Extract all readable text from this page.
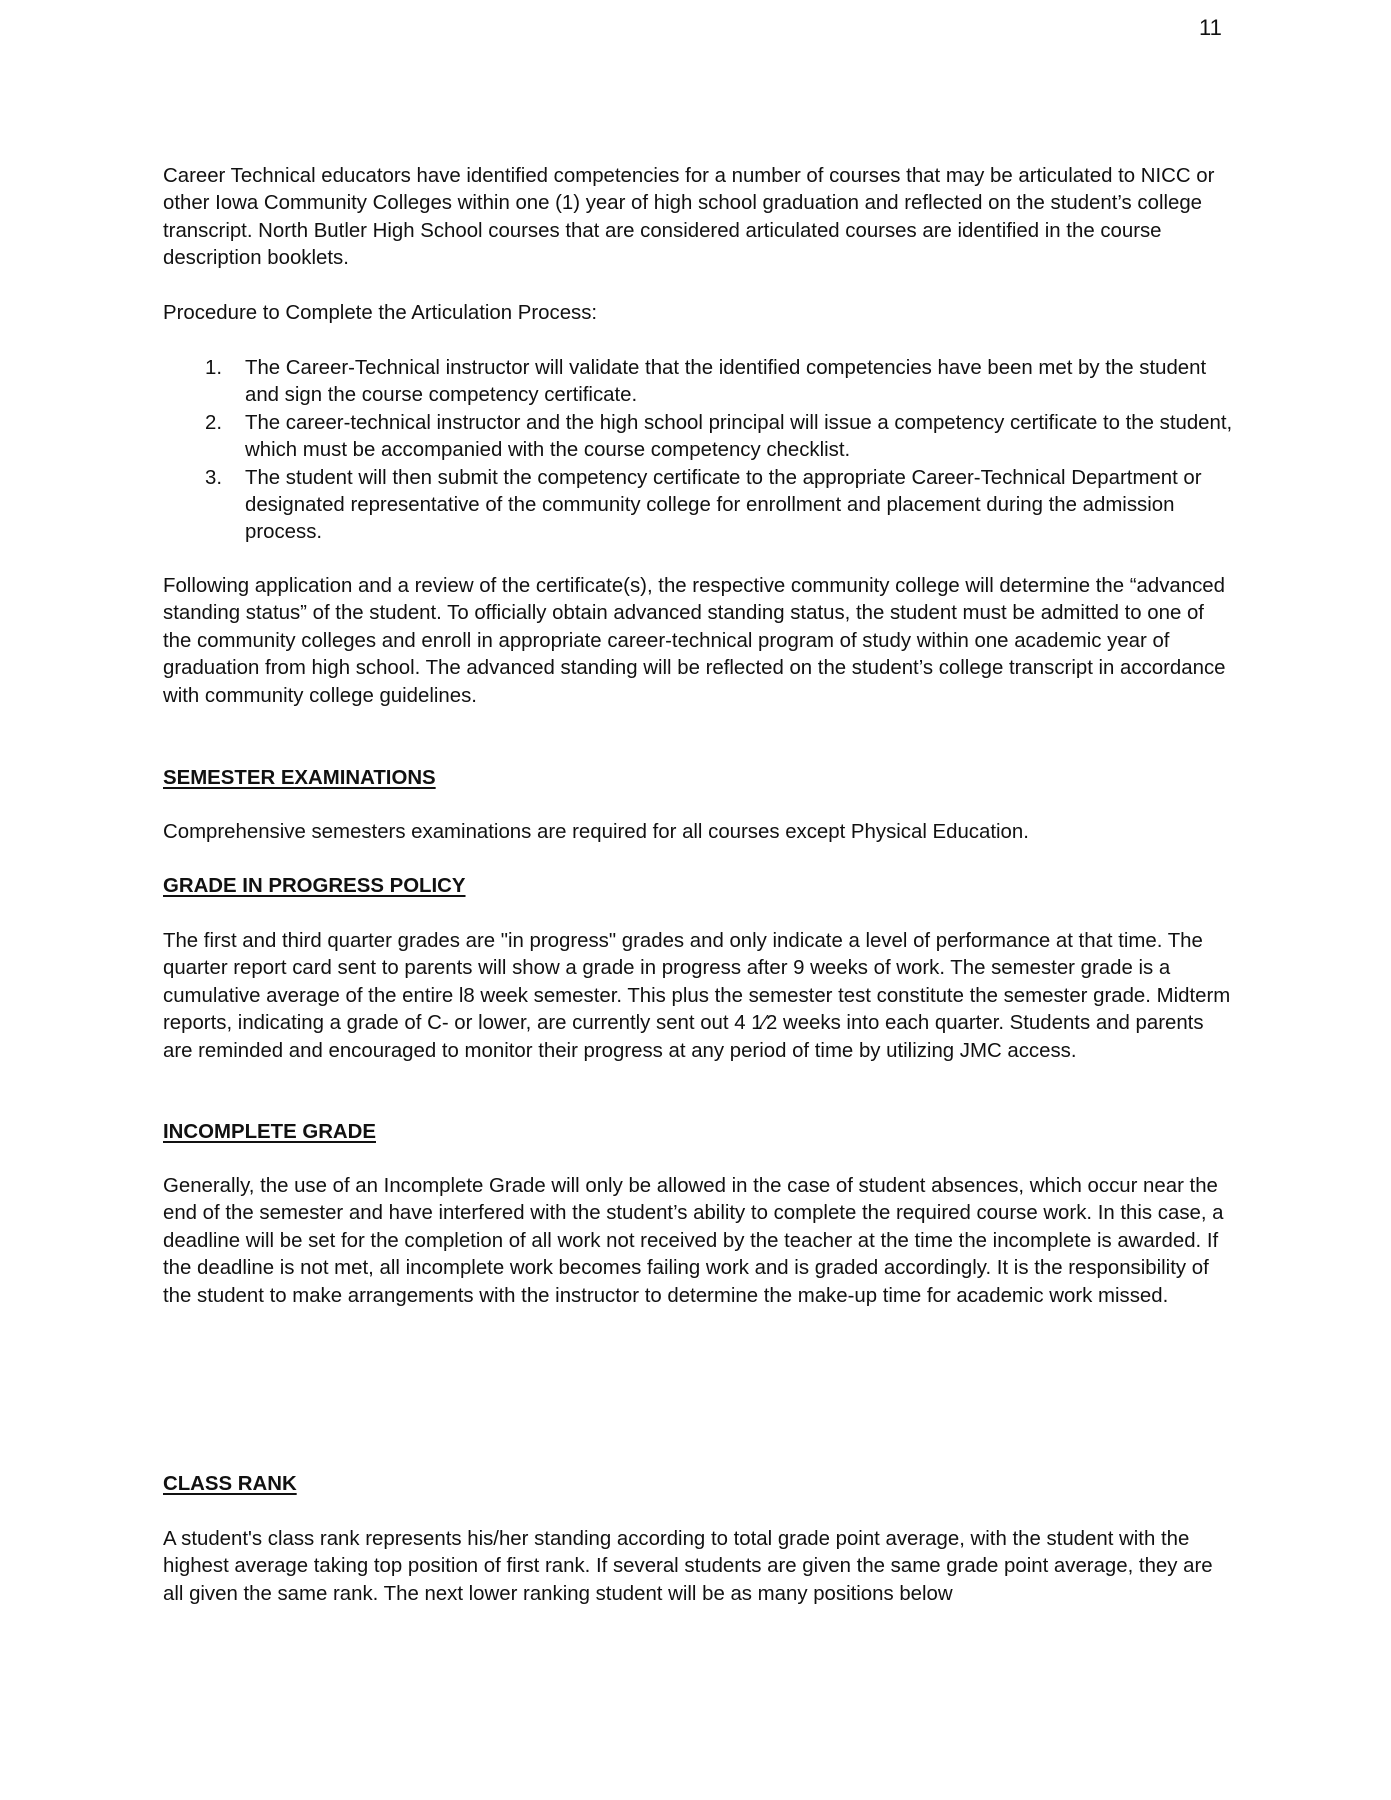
11

Career Technical educators have identified competencies for a number of courses that may be articulated to NICC or other Iowa Community Colleges within one (1) year of high school graduation and reflected on the student’s college transcript. North Butler High School courses that are considered articulated courses are identified in the course description booklets.

Procedure to Complete the Articulation Process:

1. The Career-Technical instructor will validate that the identified competencies have been met by the student and sign the course competency certificate.
2. The career-technical instructor and the high school principal will issue a competency certificate to the student, which must be accompanied with the course competency checklist.
3. The student will then submit the competency certificate to the appropriate Career-Technical Department or designated representative of the community college for enrollment and placement during the admission process.

Following application and a review of the certificate(s), the respective community college will determine the “advanced standing status” of the student. To officially obtain advanced standing status, the student must be admitted to one of the community colleges and enroll in appropriate career-technical program of study within one academic year of graduation from high school. The advanced standing will be reflected on the student’s college transcript in accordance with community college guidelines.

SEMESTER EXAMINATIONS

Comprehensive semesters examinations are required for all courses except Physical Education.

GRADE IN PROGRESS POLICY

The first and third quarter grades are "in progress" grades and only indicate a level of performance at that time. The quarter report card sent to parents will show a grade in progress after 9 weeks of work. The semester grade is a cumulative average of the entire l8 week semester. This plus the semester test constitute the semester grade. Midterm reports, indicating a grade of C- or lower, are currently sent out 4 1⁄2 weeks into each quarter. Students and parents are reminded and encouraged to monitor their progress at any period of time by utilizing JMC access.

INCOMPLETE GRADE

Generally, the use of an Incomplete Grade will only be allowed in the case of student absences, which occur near the end of the semester and have interfered with the student’s ability to complete the required course work. In this case, a deadline will be set for the completion of all work not received by the teacher at the time the incomplete is awarded. If the deadline is not met, all incomplete work becomes failing work and is graded accordingly. It is the responsibility of the student to make arrangements with the instructor to determine the make-up time for academic work missed.

CLASS RANK

A student's class rank represents his/her standing according to total grade point average, with the student with the highest average taking top position of first rank. If several students are given the same grade point average, they are all given the same rank. The next lower ranking student will be as many positions below
